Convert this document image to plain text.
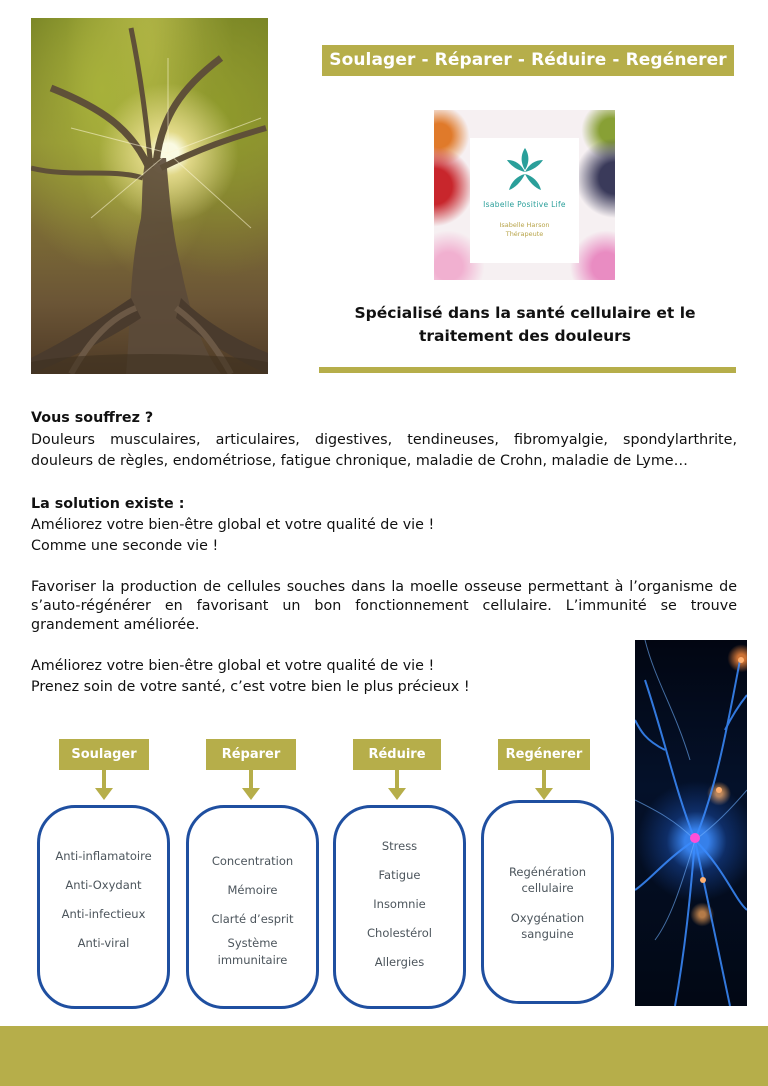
Soulager - Réparer - Réduire - Regénerer
Isabelle Positive Life
Isabelle Harson
Thérapeute
Spécialisé dans la santé cellulaire et le
traitement des douleurs
Vous souffrez ?
Douleurs musculaires, articulaires, digestives, tendineuses, fibromyalgie, spondylarthrite,
douleurs de règles, endométriose, fatigue chronique, maladie de Crohn, maladie de Lyme…
La solution existe :
Améliorez votre bien-être global et votre qualité de vie !
Comme une seconde vie !
Favoriser la production de cellules souches dans la moelle osseuse permettant à l’organisme de s’auto-régénérer en favorisant un bon fonctionnement cellulaire. L’immunité se trouve grandement améliorée.
Améliorez votre bien-être global et votre qualité de vie !
Prenez soin de votre santé, c’est votre bien le plus précieux !
Soulager
Anti-inflamatoire
Anti-Oxydant
Anti-infectieux
Anti-viral
Réparer
Concentration
Mémoire
Clarté d’esprit
Système
immunitaire
Réduire
Stress
Fatigue
Insomnie
Cholestérol
Allergies
Regénerer
Regénération
cellulaire
Oxygénation
sanguine
